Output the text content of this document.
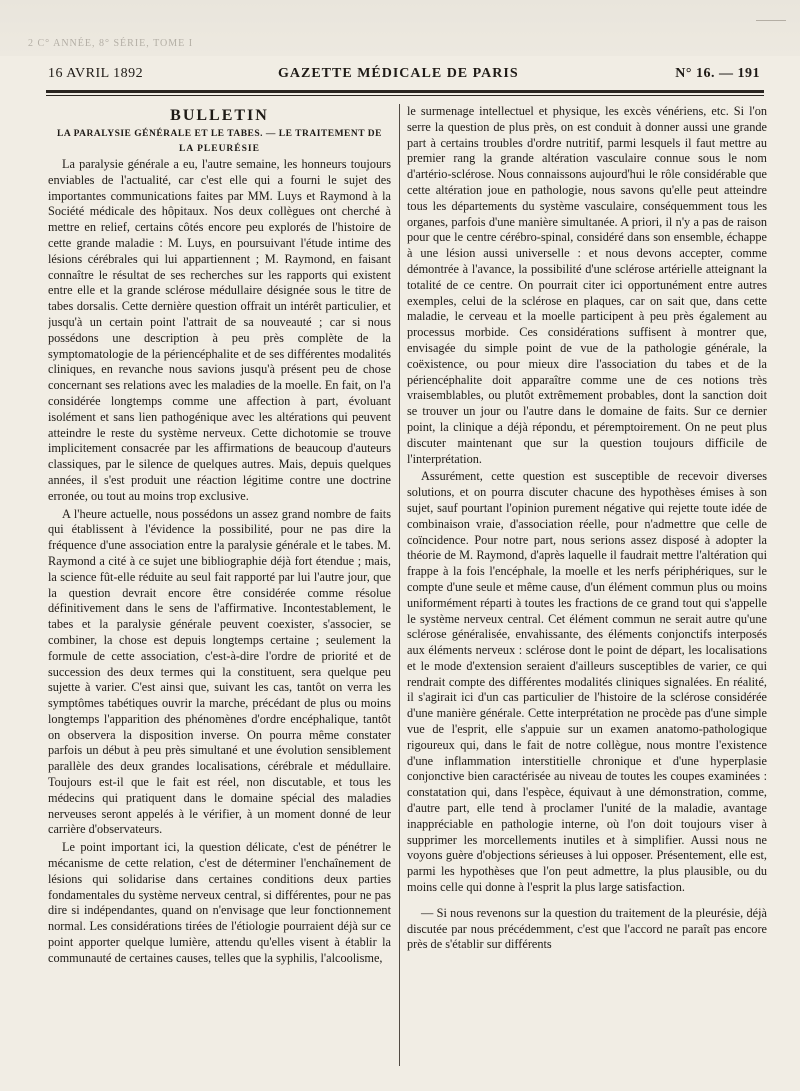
2 C° ANNÉE, 8° SÉRIE, TOME I
16 AVRIL 1892	GAZETTE MÉDICALE DE PARIS	N° 16. — 191
BULLETIN
LA PARALYSIE GÉNÉRALE ET LE TABES. — LE TRAITEMENT DE
LA PLEURÉSIE

La paralysie générale a eu, l'autre semaine, les honneurs toujours enviables de l'actualité, car c'est elle qui a fourni le sujet des importantes communications faites par MM. Luys et Raymond à la Société médicale des hôpitaux. Nos deux collègues ont cherché à mettre en relief, certains côtés encore peu explorés de l'histoire de cette grande maladie : M. Luys, en poursuivant l'étude intime des lésions cérébrales qui lui appartiennent ; M. Raymond, en faisant connaître le résultat de ses recherches sur les rapports qui existent entre elle et la grande sclérose médullaire désignée sous le titre de tabes dorsalis. Cette dernière question offrait un intérêt particulier, et jusqu'à un certain point l'attrait de sa nouveauté ; car si nous possédons une description à peu près complète de la symptomatologie de la périencéphalite et de ses différentes modalités cliniques, en revanche nous savions jusqu'à présent peu de chose concernant ses relations avec les maladies de la moelle. En fait, on l'a considérée longtemps comme une affection à part, évoluant isolément et sans lien pathogénique avec les altérations qui peuvent atteindre le reste du système nerveux. Cette dichotomie se trouve implicitement consacrée par les affirmations de beaucoup d'auteurs classiques, par le silence de quelques autres. Mais, depuis quelques années, il s'est produit une réaction légitime contre une doctrine erronée, ou tout au moins trop exclusive.

A l'heure actuelle, nous possédons un assez grand nombre de faits qui établissent à l'évidence la possibilité, pour ne pas dire la fréquence d'une association entre la paralysie générale et le tabes. M. Raymond a cité à ce sujet une bibliographie déjà fort étendue ; mais, la science fût-elle réduite au seul fait rapporté par lui l'autre jour, que la question devrait encore être considérée comme résolue définitivement dans le sens de l'affirmative. Incontestablement, le tabes et la paralysie générale peuvent coexister, s'associer, se combiner, la chose est depuis longtemps certaine ; seulement la formule de cette association, c'est-à-dire l'ordre de priorité et de succession des deux termes qui la constituent, sera quelque peu sujette à varier. C'est ainsi que, suivant les cas, tantôt on verra les symptômes tabétiques ouvrir la marche, précédant de plus ou moins longtemps l'apparition des phénomènes d'ordre encéphalique, tantôt on observera la disposition inverse. On pourra même constater parfois un début à peu près simultané et une évolution sensiblement parallèle des deux grandes localisations, cérébrale et médullaire. Toujours est-il que le fait est réel, non discutable, et tous les médecins qui pratiquent dans le domaine spécial des maladies nerveuses seront appelés à le vérifier, à un moment donné de leur carrière d'observateurs.

Le point important ici, la question délicate, c'est de pénétrer le mécanisme de cette relation, c'est de déterminer l'enchaînement de lésions qui solidarise dans certaines conditions deux parties fondamentales du système nerveux central, si différentes, pour ne pas dire si indépendantes, quand on n'envisage que leur fonctionnement normal. Les considérations tirées de l'étiologie pourraient déjà sur ce point apporter quelque lumière, attendu qu'elles visent à établir la communauté de certaines causes, telles que la syphilis, l'alcoolisme,

le surmenage intellectuel et physique, les excès vénériens, etc. Si l'on serre la question de plus près, on est conduit à donner aussi une grande part à certains troubles d'ordre nutritif, parmi lesquels il faut mettre au premier rang la grande altération vasculaire connue sous le nom d'artério-sclérose. Nous connaissons aujourd'hui le rôle considérable que cette altération joue en pathologie, nous savons qu'elle peut atteindre tous les départements du système vasculaire, conséquemment tous les organes, parfois d'une manière simultanée. A priori, il n'y a pas de raison pour que le centre cérébro-spinal, considéré dans son ensemble, échappe à une lésion aussi universelle : et nous devons accepter, comme démontrée à l'avance, la possibilité d'une sclérose artérielle atteignant la totalité de ce centre. On pourrait citer ici opportunément entre autres exemples, celui de la sclérose en plaques, car on sait que, dans cette maladie, le cerveau et la moelle participent à peu près également au processus morbide. Ces considérations suffisent à montrer que, envisagée du simple point de vue de la pathologie générale, la coëxistence, ou pour mieux dire l'association du tabes et de la périencéphalite doit apparaître comme une de ces notions très vraisemblables, ou plutôt extrêmement probables, dont la sanction doit se trouver un jour ou l'autre dans le domaine de faits. Sur ce dernier point, la clinique a déjà répondu, et péremptoirement. On ne peut plus discuter maintenant que sur la question toujours difficile de l'interprétation.

Assurément, cette question est susceptible de recevoir diverses solutions, et on pourra discuter chacune des hypothèses émises à son sujet, sauf pourtant l'opinion purement négative qui rejette toute idée de combinaison vraie, d'association réelle, pour n'admettre que celle de coïncidence. Pour notre part, nous serions assez disposé à adopter la théorie de M. Raymond, d'après laquelle il faudrait mettre l'altération qui frappe à la fois l'encéphale, la moelle et les nerfs périphériques, sur le compte d'une seule et même cause, d'un élément commun plus ou moins uniformément réparti à toutes les fractions de ce grand tout qui s'appelle le système nerveux central. Cet élément commun ne serait autre qu'une sclérose généralisée, envahissante, des éléments conjonctifs interposés aux éléments nerveux : sclérose dont le point de départ, les localisations et le mode d'extension seraient d'ailleurs susceptibles de varier, ce qui rendrait compte des différentes modalités cliniques signalées. En réalité, il s'agirait ici d'un cas particulier de l'histoire de la sclérose considérée d'une manière générale. Cette interprétation ne procède pas d'une simple vue de l'esprit, elle s'appuie sur un examen anatomo-pathologique rigoureux qui, dans le fait de notre collègue, nous montre l'existence d'une inflammation interstitielle chronique et d'une hyperplasie conjonctive bien caractérisée au niveau de toutes les coupes examinées : constatation qui, dans l'espèce, équivaut à une démonstration, comme, d'autre part, elle tend à proclamer l'unité de la maladie, avantage inappréciable en pathologie interne, où l'on doit toujours viser à supprimer les morcellements inutiles et à simplifier. Aussi nous ne voyons guère d'objections sérieuses à lui opposer. Présentement, elle est, parmi les hypothèses que l'on peut admettre, la plus plausible, ou du moins celle qui donne à l'esprit la plus large satisfaction.

— Si nous revenons sur la question du traitement de la pleurésie, déjà discutée par nous précédemment, c'est que l'accord ne paraît pas encore près de s'établir sur différents
